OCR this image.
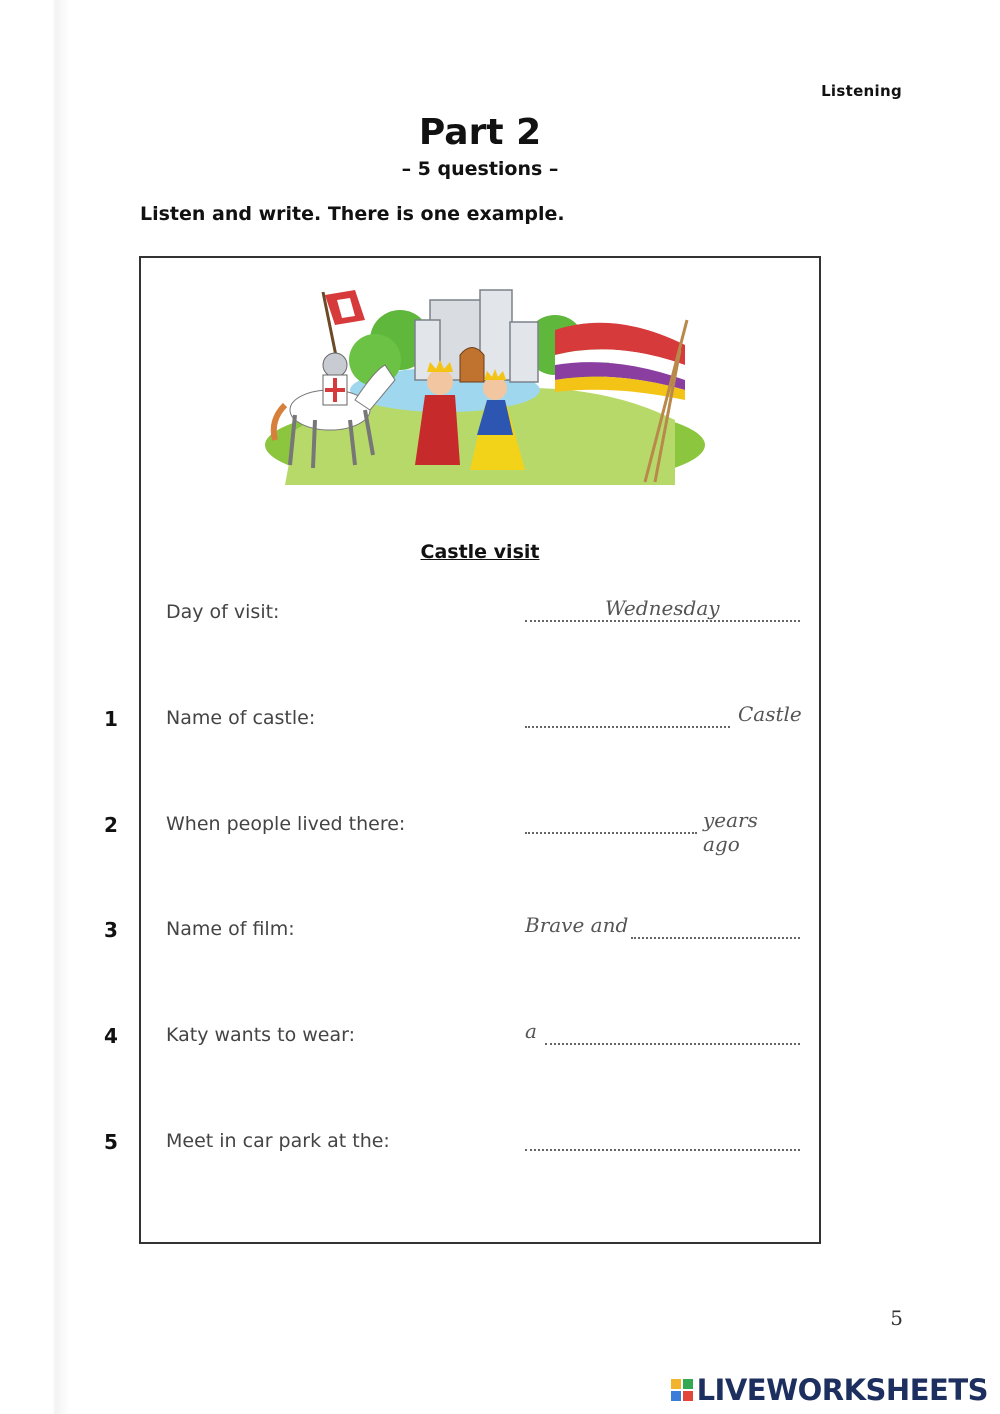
Listening
Part 2
– 5 questions –
Listen and write. There is one example.
Castle visit
Day of visit:	Wednesday
1	Name of castle:	Castle
2	When people lived there:	years ago
3	Name of film:	Brave and
4	Katy wants to wear:	a
5	Meet in car park at the:
5
LIVEWORKSHEETS
